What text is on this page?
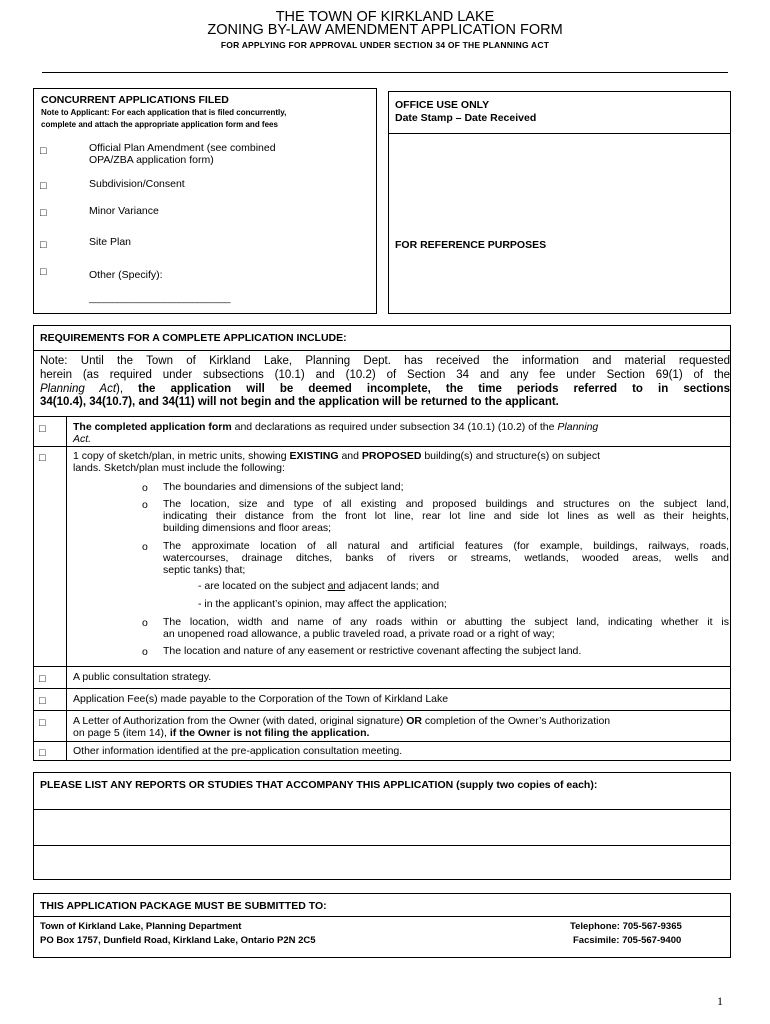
THE TOWN OF KIRKLAND LAKE
ZONING BY-LAW AMENDMENT APPLICATION FORM
FOR APPLYING FOR APPROVAL UNDER SECTION 34 OF THE PLANNING ACT
CONCURRENT APPLICATIONS FILED
Note to Applicant: For each application that is filed concurrently,
complete and attach the appropriate application form and fees
□	Official Plan Amendment (see combined
OPA/ZBA application form)
□	Subdivision/Consent
□	Minor Variance
□	Site Plan
□	Other (Specify):
______________________________
OFFICE USE ONLY
Date Stamp – Date Received
FOR REFERENCE PURPOSES
REQUIREMENTS FOR A COMPLETE APPLICATION INCLUDE:
Note: Until the Town of Kirkland Lake, Planning Dept. has received the information and material requested
herein (as required under subsections (10.1) and (10.2) of Section 34 and any fee under Section 69(1) of the
Planning Act), the application will be deemed incomplete, the time periods referred to in sections
34(10.4), 34(10.7), and 34(11) will not begin and the application will be returned to the applicant.
□	The completed application form and declarations as required under subsection 34 (10.1) (10.2) of the Planning
Act.
□	1 copy of sketch/plan, in metric units, showing EXISTING and PROPOSED building(s) and structure(s) on subject
lands. Sketch/plan must include the following:
o The boundaries and dimensions of the subject land;
o The location, size and type of all existing and proposed buildings and structures on the subject land,
indicating their distance from the front lot line, rear lot line and side lot lines as well as their heights,
building dimensions and floor areas;
o The approximate location of all natural and artificial features (for example, buildings, railways, roads,
watercourses, drainage ditches, banks of rivers or streams, wetlands, wooded areas, wells and
septic tanks) that;
- are located on the subject and adjacent lands; and
- in the applicant’s opinion, may affect the application;
o The location, width and name of any roads within or abutting the subject land, indicating whether it is
an unopened road allowance, a public traveled road, a private road or a right of way;
o The location and nature of any easement or restrictive covenant affecting the subject land.
□	A public consultation strategy.
□	Application Fee(s) made payable to the Corporation of the Town of Kirkland Lake
□	A Letter of Authorization from the Owner (with dated, original signature) OR completion of the Owner’s Authorization
on page 5 (item 14), if the Owner is not filing the application.
□	Other information identified at the pre-application consultation meeting.
PLEASE LIST ANY REPORTS OR STUDIES THAT ACCOMPANY THIS APPLICATION (supply two copies of each):
THIS APPLICATION PACKAGE MUST BE SUBMITTED TO:
Town of Kirkland Lake, Planning Department
PO Box 1757, Dunfield Road, Kirkland Lake, Ontario P2N 2C5
Telephone: 705-567-9365
Facsimile: 705-567-9400
1
